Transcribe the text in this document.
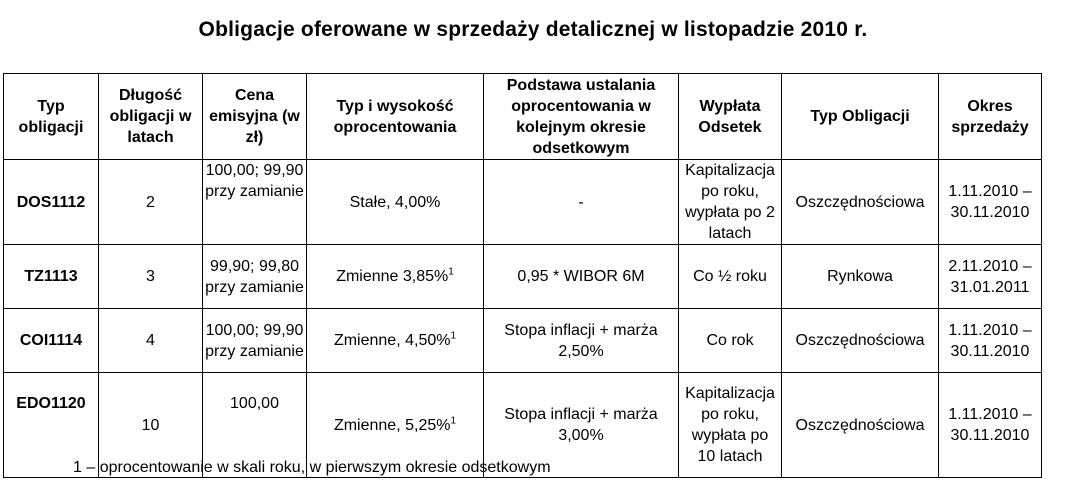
Obligacje oferowane w sprzedaży detalicznej w listopadzie 2010 r.
Typ obligacji	Długość obligacji w latach	Cena emisyjna (w zł)	Typ i wysokość oprocentowania	Podstawa ustalania oprocentowania w kolejnym okresie odsetkowym	Wypłata Odsetek	Typ Obligacji	Okres sprzedaży
DOS1112	2	100,00; 99,90 przy zamianie	Stałe, 4,00%	-	Kapitalizacja po roku, wypłata po 2 latach	Oszczędnościowa	1.11.2010 – 30.11.2010
TZ1113	3	99,90; 99,80 przy zamianie	Zmienne 3,85%$^1$	0,95 * WIBOR 6M	Co ½ roku	Rynkowa	2.11.2010 – 31.01.2011
COI1114	4	100,00; 99,90 przy zamianie	Zmienne, 4,50%$^1$	Stopa inflacji + marża 2,50%	Co rok	Oszczędnościowa	1.11.2010 – 30.11.2010
EDO1120	10	100,00	Zmienne, 5,25%$^1$	Stopa inflacji + marża 3,00%	Kapitalizacja po roku, wypłata po 10 latach	Oszczędnościowa	1.11.2010 – 30.11.2010
1 – oprocentowanie w skali roku, w pierwszym okresie odsetkowym
